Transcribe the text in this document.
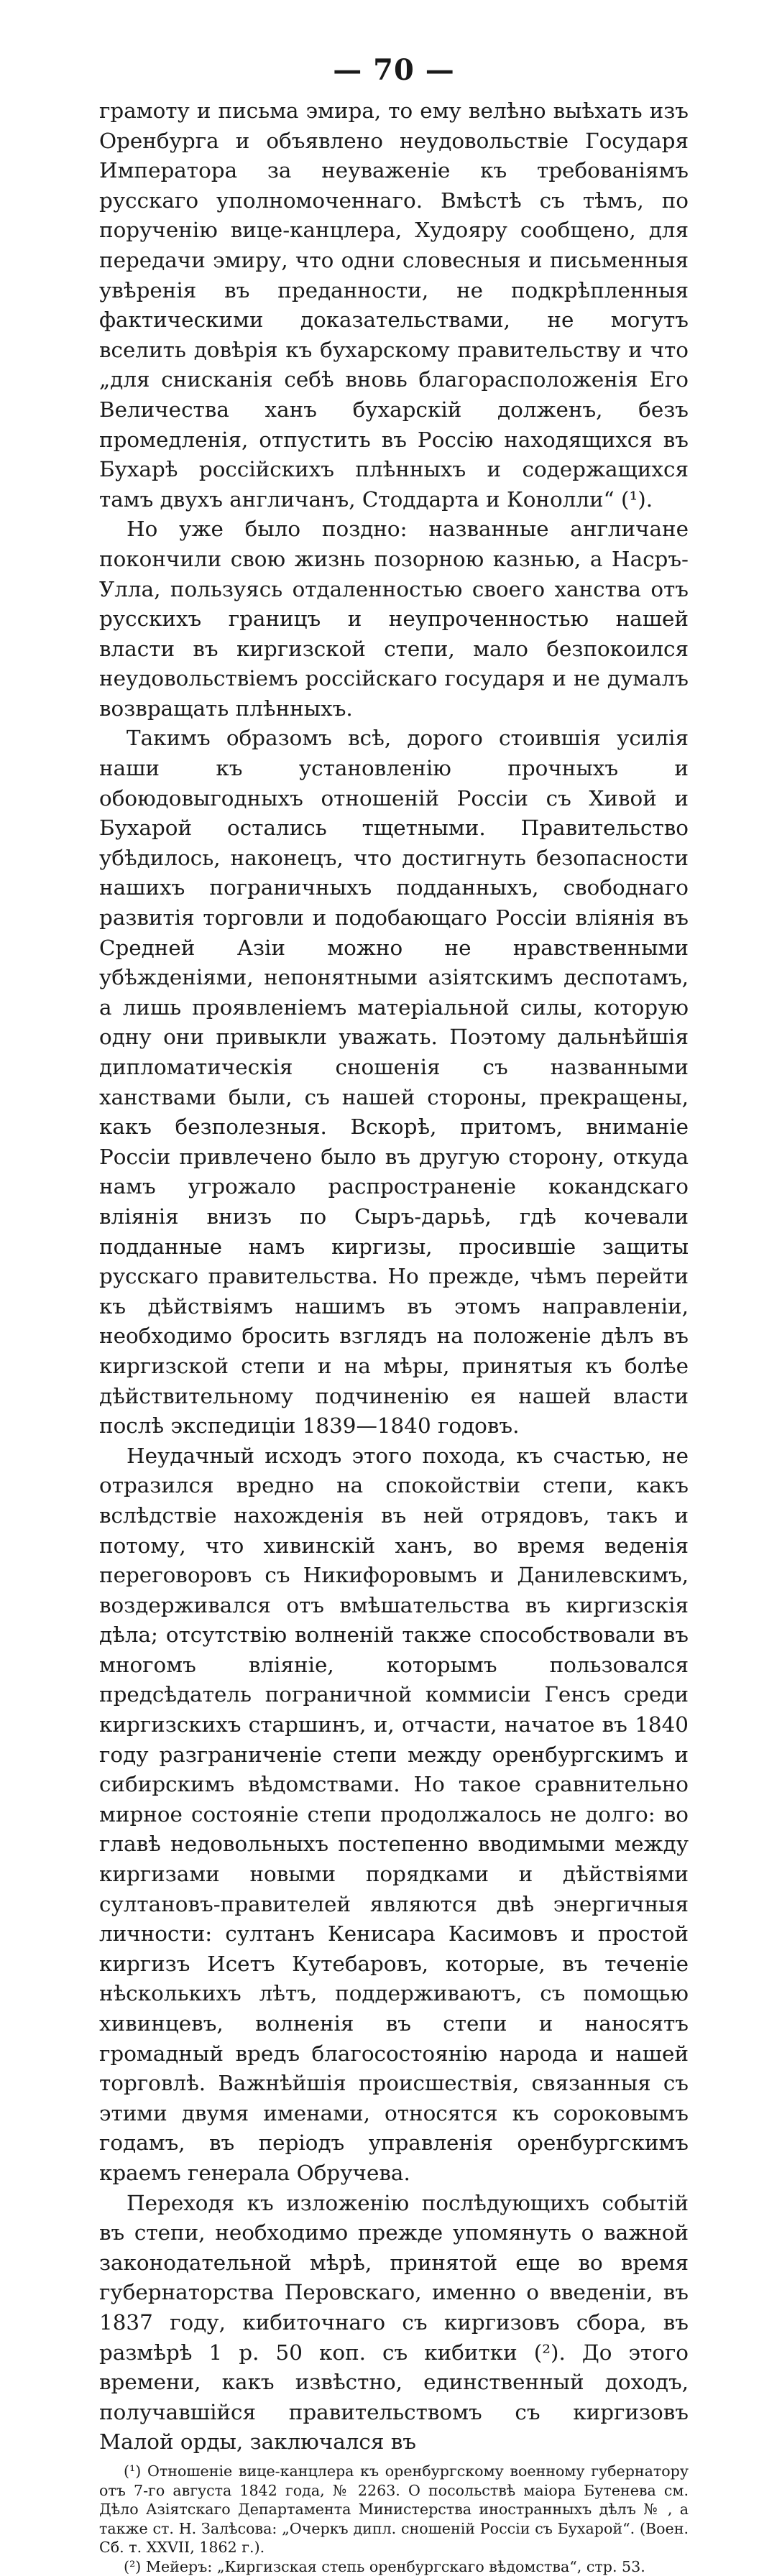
— 70 —

грамоту и письма эмира, то ему велѣно выѣхать изъ Оренбурга и объявлено неудовольствіе Государя Императора за неуваженіе къ требованіямъ русскаго уполномоченнаго. Вмѣстѣ съ тѣмъ, по порученію вице-канцлера, Худояру сообщено, для передачи эмиру, что одни словесныя и письменныя увѣренія въ преданности, не подкрѣпленныя фактическими доказательствами, не могутъ вселить довѣрія къ бухарскому правительству и что „для снисканія себѣ вновь благорасположенія Его Величества ханъ бухарскій долженъ, безъ промедленія, отпустить въ Россію находящихся въ Бухарѣ россійскихъ плѣнныхъ и содержащихся тамъ двухъ англичанъ, Стоддарта и Конолли“ (¹).

Но уже было поздно: названные англичане покончили свою жизнь позорною казнью, а Насръ-Улла, пользуясь отдаленностью своего ханства отъ русскихъ границъ и неупроченностью нашей власти въ киргизской степи, мало безпокоился неудовольствіемъ россійскаго государя и не думалъ возвращать плѣнныхъ.

Такимъ образомъ всѣ, дорого стоившія усилія наши къ установленію прочныхъ и обоюдовыгодныхъ отношеній Россіи съ Хивой и Бухарой остались тщетными. Правительство убѣдилось, наконецъ, что достигнуть безопасности нашихъ пограничныхъ подданныхъ, свободнаго развитія торговли и подобающаго Россіи вліянія въ Средней Азіи можно не нравственными убѣжденіями, непонятными азіятскимъ деспотамъ, а лишь проявленіемъ матеріальной силы, которую одну они привыкли уважать. Поэтому дальнѣйшія дипломатическія сношенія съ названными ханствами были, съ нашей стороны, прекращены, какъ безполезныя. Вскорѣ, притомъ, вниманіе Россіи привлечено было въ другую сторону, откуда намъ угрожало распространеніе кокандскаго вліянія внизъ по Сыръ-дарьѣ, гдѣ кочевали подданные намъ киргизы, просившіе защиты русскаго правительства. Но прежде, чѣмъ перейти къ дѣйствіямъ нашимъ въ этомъ направленіи, необходимо бросить взглядъ на положеніе дѣлъ въ киргизской степи и на мѣры, принятыя къ болѣе дѣйствительному подчиненію ея нашей власти послѣ экспедиціи 1839—1840 годовъ.

Неудачный исходъ этого похода, къ счастью, не отразился вредно на спокойствіи степи, какъ вслѣдствіе нахожденія въ ней отрядовъ, такъ и потому, что хивинскій ханъ, во время веденія переговоровъ съ Никифоровымъ и Данилевскимъ, воздерживался отъ вмѣшательства въ киргизскія дѣла; отсутствію волненій также способствовали въ многомъ вліяніе, которымъ пользовался предсѣдатель пограничной коммисіи Генсъ среди киргизскихъ старшинъ, и, отчасти, начатое въ 1840 году разграниченіе степи между оренбургскимъ и сибирскимъ вѣдомствами. Но такое сравнительно мирное состояніе степи продолжалось не долго: во главѣ недовольныхъ постепенно вводимыми между киргизами новыми порядками и дѣйствіями султановъ-правителей являются двѣ энергичныя личности: султанъ Кенисара Касимовъ и простой киргизъ Исетъ Кутебаровъ, которые, въ теченіе нѣсколькихъ лѣтъ, поддерживаютъ, съ помощью хивинцевъ, волненія въ степи и наносятъ громадный вредъ благосостоянію народа и нашей торговлѣ. Важнѣйшія происшествія, связанныя съ этими двумя именами, относятся къ сороковымъ годамъ, въ періодъ управленія оренбургскимъ краемъ генерала Обручева.

Переходя къ изложенію послѣдующихъ событій въ степи, необходимо прежде упомянуть о важной законодательной мѣрѣ, принятой еще во время губернаторства Перовскаго, именно о введеніи, въ 1837 году, кибиточнаго съ киргизовъ сбора, въ размѣрѣ 1 р. 50 коп. съ кибитки (²). До этого времени, какъ извѣстно, единственный доходъ, получавшійся правительствомъ съ киргизовъ Малой орды, заключался въ

(¹) Отношеніе вице-канцлера къ оренбургскому военному губернатору отъ 7-го августа 1842 года, № 2263. О посольствѣ маіора Бутенева см. Дѣло Азіятскаго Департамента Министерства иностранныхъ дѣлъ № , а также ст. Н. Залѣсова: „Очеркъ дипл. сношеній Россіи съ Бухарой“. (Воен. Сб. т. XXVII, 1862 г.).

(²) Мейеръ: „Киргизская степь оренбургскаго вѣдомства“, стр. 53.
